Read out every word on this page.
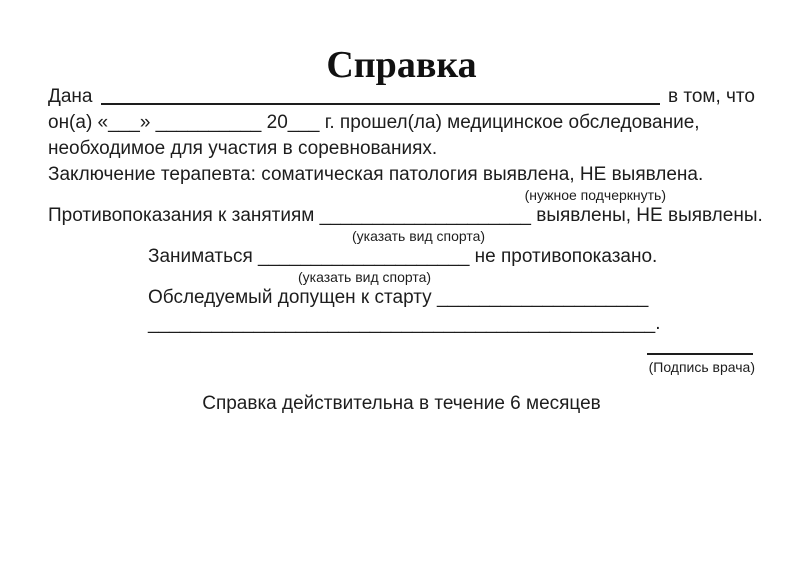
Справка

Дана	в том, что

он(а) «___» __________ 20___ г. прошел(ла) медицинское обследование,

необходимое для участия в соревнованиях.

Заключение терапевта: соматическая патология выявлена, НЕ выявлена.

(нужное подчеркнуть)

Противопоказания к занятиям ____________________ выявлены, НЕ выявлены.

(указать вид спорта)

Заниматься ____________________ не противопоказано.

(указать вид спорта)

Обследуемый допущен к старту ____________________

________________________________________________.

(Подпись врача)

Справка действительна в течение 6 месяцев
